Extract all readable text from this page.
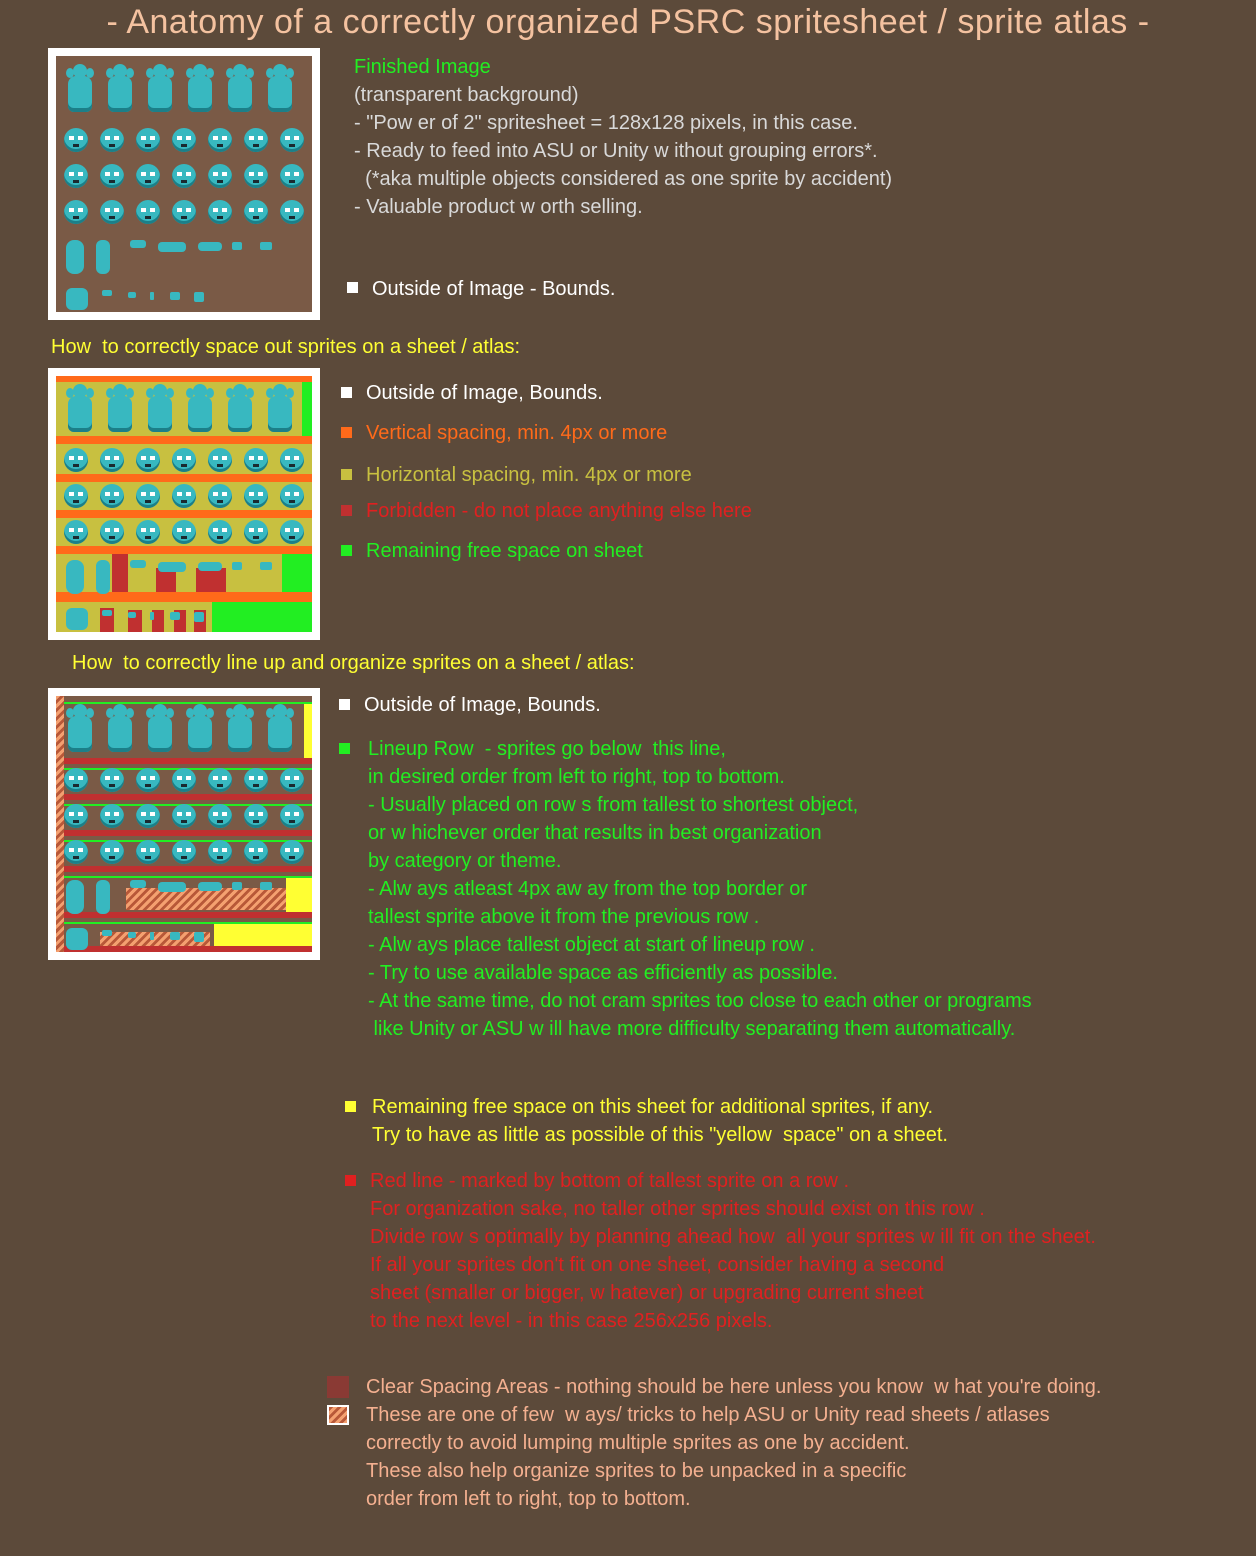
- Anatomy of a correctly organized PSRC spritesheet / sprite atlas -
Finished Image
(transparent background)
- "Pow er of 2" spritesheet = 128x128 pixels, in this case.
- Ready to feed into ASU or Unity w ithout grouping errors*.
(*aka multiple objects considered as one sprite by accident)
- Valuable product w orth selling.
Outside of Image - Bounds.
How  to correctly space out sprites on a sheet / atlas:
Outside of Image, Bounds.
Vertical spacing, min. 4px or more
Horizontal spacing, min. 4px or more
Forbidden - do not place anything else here
Remaining free space on sheet
How  to correctly line up and organize sprites on a sheet / atlas:
Outside of Image, Bounds.
Lineup Row  - sprites go below  this line,
in desired order from left to right, top to bottom.
- Usually placed on row s from tallest to shortest object,
or w hichever order that results in best organization
by category or theme.
- Alw ays atleast 4px aw ay from the top border or
tallest sprite above it from the previous row .
- Alw ays place tallest object at start of lineup row .
- Try to use available space as efficiently as possible.
- At the same time, do not cram sprites too close to each other or programs
like Unity or ASU w ill have more difficulty separating them automatically.
Remaining free space on this sheet for additional sprites, if any.
Try to have as little as possible of this "yellow  space" on a sheet.
Red line - marked by bottom of tallest sprite on a row .
For organization sake, no taller other sprites should exist on this row .
Divide row s optimally by planning ahead how  all your sprites w ill fit on the sheet.
If all your sprites don't fit on one sheet, consider having a second
sheet (smaller or bigger, w hatever) or upgrading current sheet
to the next level - in this case 256x256 pixels.
Clear Spacing Areas - nothing should be here unless you know  w hat you're doing.
These are one of few  w ays/ tricks to help ASU or Unity read sheets / atlases
correctly to avoid lumping multiple sprites as one by accident.
These also help organize sprites to be unpacked in a specific
order from left to right, top to bottom.
